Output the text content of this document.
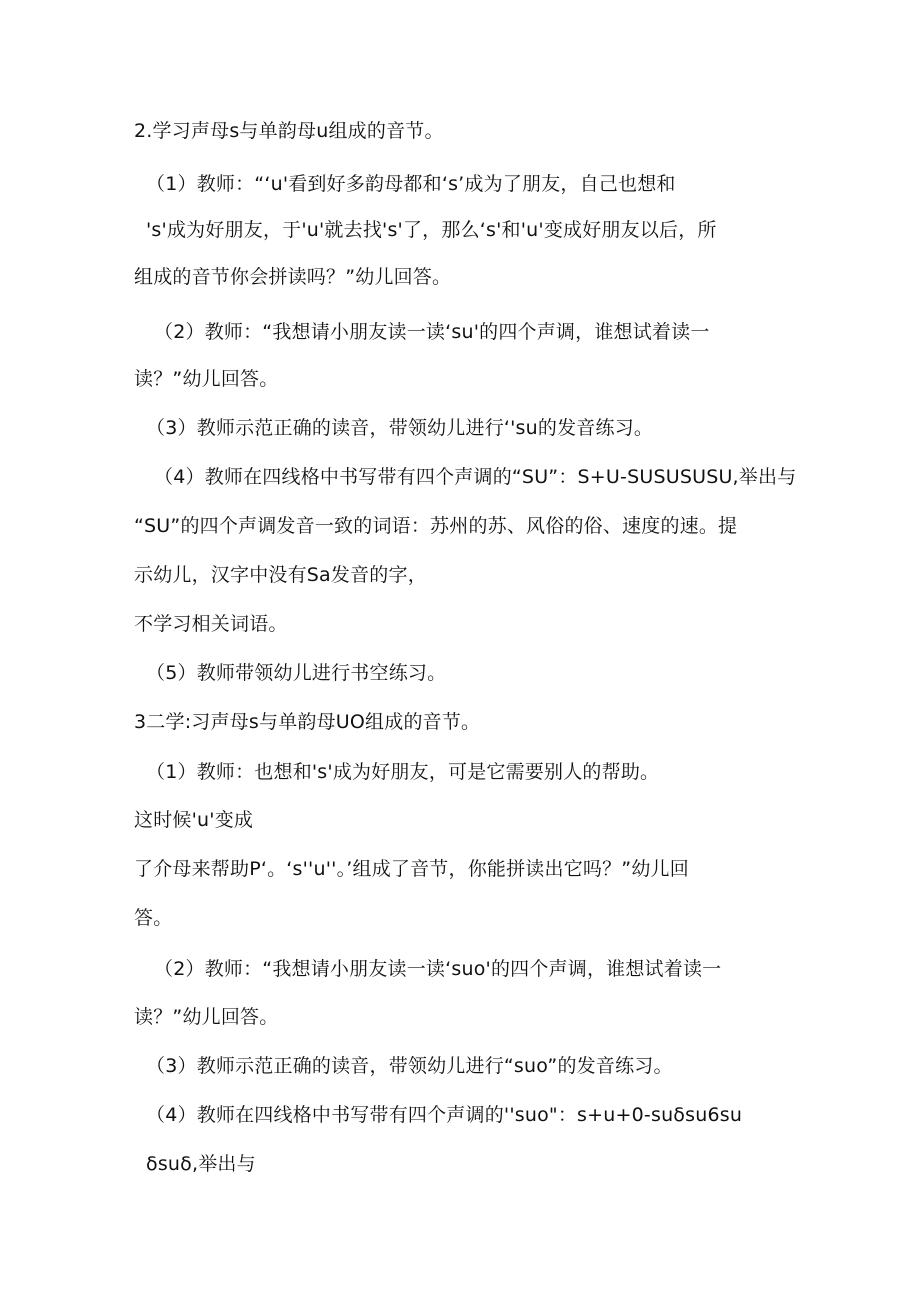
2.学习声母s与单韵母u组成的音节。

（1）教师：“‘u'看到好多韵母都和‘s’成为了朋友，自己也想和

's'成为好朋友，于'u'就去找's'了，那么‘s'和'u'变成好朋友以后，所

组成的音节你会拼读吗？”幼儿回答。

（2）教师：“我想请小朋友读一读‘su'的四个声调，谁想试着读一

读？”幼儿回答。

（3）教师示范正确的读音，带领幼儿进行‘'su的发音练习。

（4）教师在四线格中书写带有四个声调的“SU”：S+U-SUSUSUSU,举出与

“SU”的四个声调发音一致的词语：苏州的苏、风俗的俗、速度的速。提

示幼儿，汉字中没有Sa发音的字，

不学习相关词语。

（5）教师带领幼儿进行书空练习。

3二学:习声母s与单韵母UO组成的音节。

（1）教师：也想和's'成为好朋友，可是它需要别人的帮助。

这时候'u'变成

了介母来帮助P‘。‘s''u''。’组成了音节，你能拼读出它吗？”幼儿回

答。

（2）教师：“我想请小朋友读一读‘suo'的四个声调，谁想试着读一

读？”幼儿回答。

（3）教师示范正确的读音，带领幼儿进行“suo”的发音练习。

（4）教师在四线格中书写带有四个声调的''suo"：s+u+0-suδsu6su

δsuδ,举出与
